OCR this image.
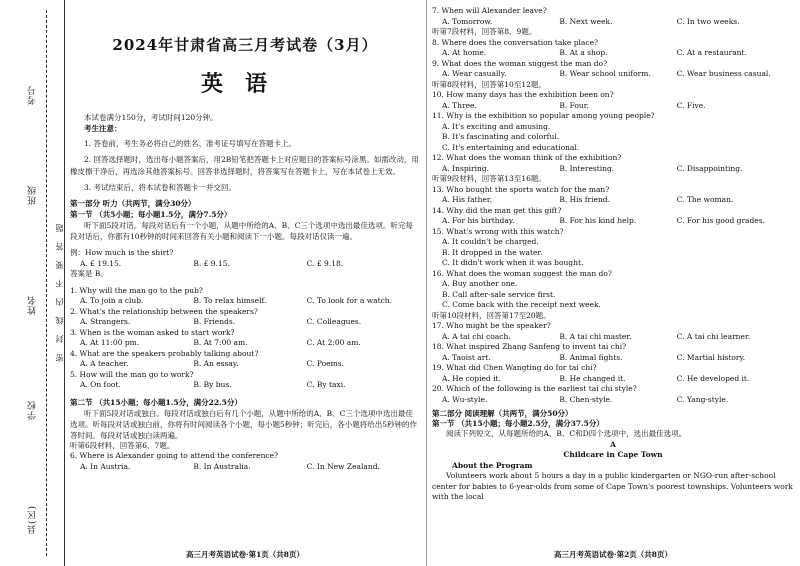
考号
班级
姓名
学校
县(区)
密 封 线 内 不 要 答 题
2024年甘肃省高三月考试卷（3月）
英语
本试卷满分150分，考试时间120分钟。
考生注意：
1. 答卷前，考生务必将自己的姓名、准考证号填写在答题卡上。
2. 回答选择题时，选出每小题答案后，用2B铅笔把答题卡上对应题目的答案标号涂黑。如需改动，用橡皮擦干净后，再选涂其他答案标号。回答非选择题时，将答案写在答题卡上，写在本试卷上无效。
3. 考试结束后，将本试卷和答题卡一并交回。
第一部分 听力（共两节，满分30分）
第一节 （共5小题；每小题1.5分，满分7.5分）
听下面5段对话。每段对话后有一个小题，从题中所给的A、B、C三个选项中选出最佳选项。听完每段对话后，你都有10秒钟的时间来回答有关小题和阅读下一小题。每段对话仅读一遍。
例：How much is the shirt?
A. £ 19.15.	B. £ 9.15.	C. £ 9.18.
答案是 B。
1. Why will the man go to the pub?
A. To join a club.	B. To relax himself.	C. To look for a watch.
2. What's the relationship between the speakers?
A. Strangers.	B. Friends.	C. Colleagues.
3. When is the woman asked to start work?
A. At 11:00 pm.	B. At 7:00 am.	C. At 2:00 am.
4. What are the speakers probably talking about?
A. A teacher.	B. An essay.	C. Poems.
5. How will the man go to work?
A. On foot.	B. By bus.	C. By taxi.
第二节 （共15小题；每小题1.5分，满分22.5分）
听下面5段对话或独白。每段对话或独白后有几个小题，从题中所给的A、B、C三个选项中选出最佳选项。听每段对话或独白前，你将有时间阅读各个小题，每小题5秒钟；听完后，各小题将给出5秒钟的作答时间。每段对话或独白读两遍。
听第6段材料，回答第6、7题。
6. Where is Alexander going to attend the conference?
A. In Austria.	B. In Australia.	C. In New Zealand.
高三月考英语试卷·第1页（共8页）
7. When will Alexander leave?
A. Tomorrow.	B. Next week.	C. In two weeks.
听第7段材料，回答第8、9题。
8. Where does the conversation take place?
A. At home.	B. At a shop.	C. At a restaurant.
9. What does the woman suggest the man do?
A. Wear casually.	B. Wear school uniform.	C. Wear business casual.
听第8段材料，回答第10至12题。
10. How many days has the exhibition been on?
A. Three.	B. Four.	C. Five.
11. Why is the exhibition so popular among young people?
A. It's exciting and amusing.
B. It's fascinating and colorful.
C. It's entertaining and educational.
12. What does the woman think of the exhibition?
A. Inspiring.	B. Interesting.	C. Disappointing.
听第9段材料，回答第13至16题。
13. Who bought the sports watch for the man?
A. His father.	B. His friend.	C. The woman.
14. Why did the man get this gift?
A. For his birthday.	B. For his kind help.	C. For his good grades.
15. What's wrong with this watch?
A. It couldn't be charged.
B. It dropped in the water.
C. It didn't work when it was bought.
16. What does the woman suggest the man do?
A. Buy another one.
B. Call after-sale service first.
C. Come back with the receipt next week.
听第10段材料，回答第17至20题。
17. Who might be the speaker?
A. A tai chi coach.	B. A tai chi master.	C. A tai chi learner.
18. What inspired Zhang Sanfeng to invent tai chi?
A. Taoist art.	B. Animal fights.	C. Martial history.
19. What did Chen Wangting do for tai chi?
A. He copied it.	B. He changed it.	C. He developed it.
20. Which of the following is the earliest tai chi style?
A. Wu-style.	B. Chen-style.	C. Yang-style.
第二部分 阅读理解（共两节，满分50分）
第一节 （共15小题；每小题2.5分，满分37.5分）
阅读下列短文，从每题所给的A、B、C和D四个选项中，选出最佳选项。
A
Childcare in Cape Town
About the Program
Volunteers work about 5 hours a day in a public kindergarten or NGO-run after-school center for babies to 6-year-olds from some of Cape Town's poorest townships. Volunteers work with the local
高三月考英语试卷·第2页（共8页）
